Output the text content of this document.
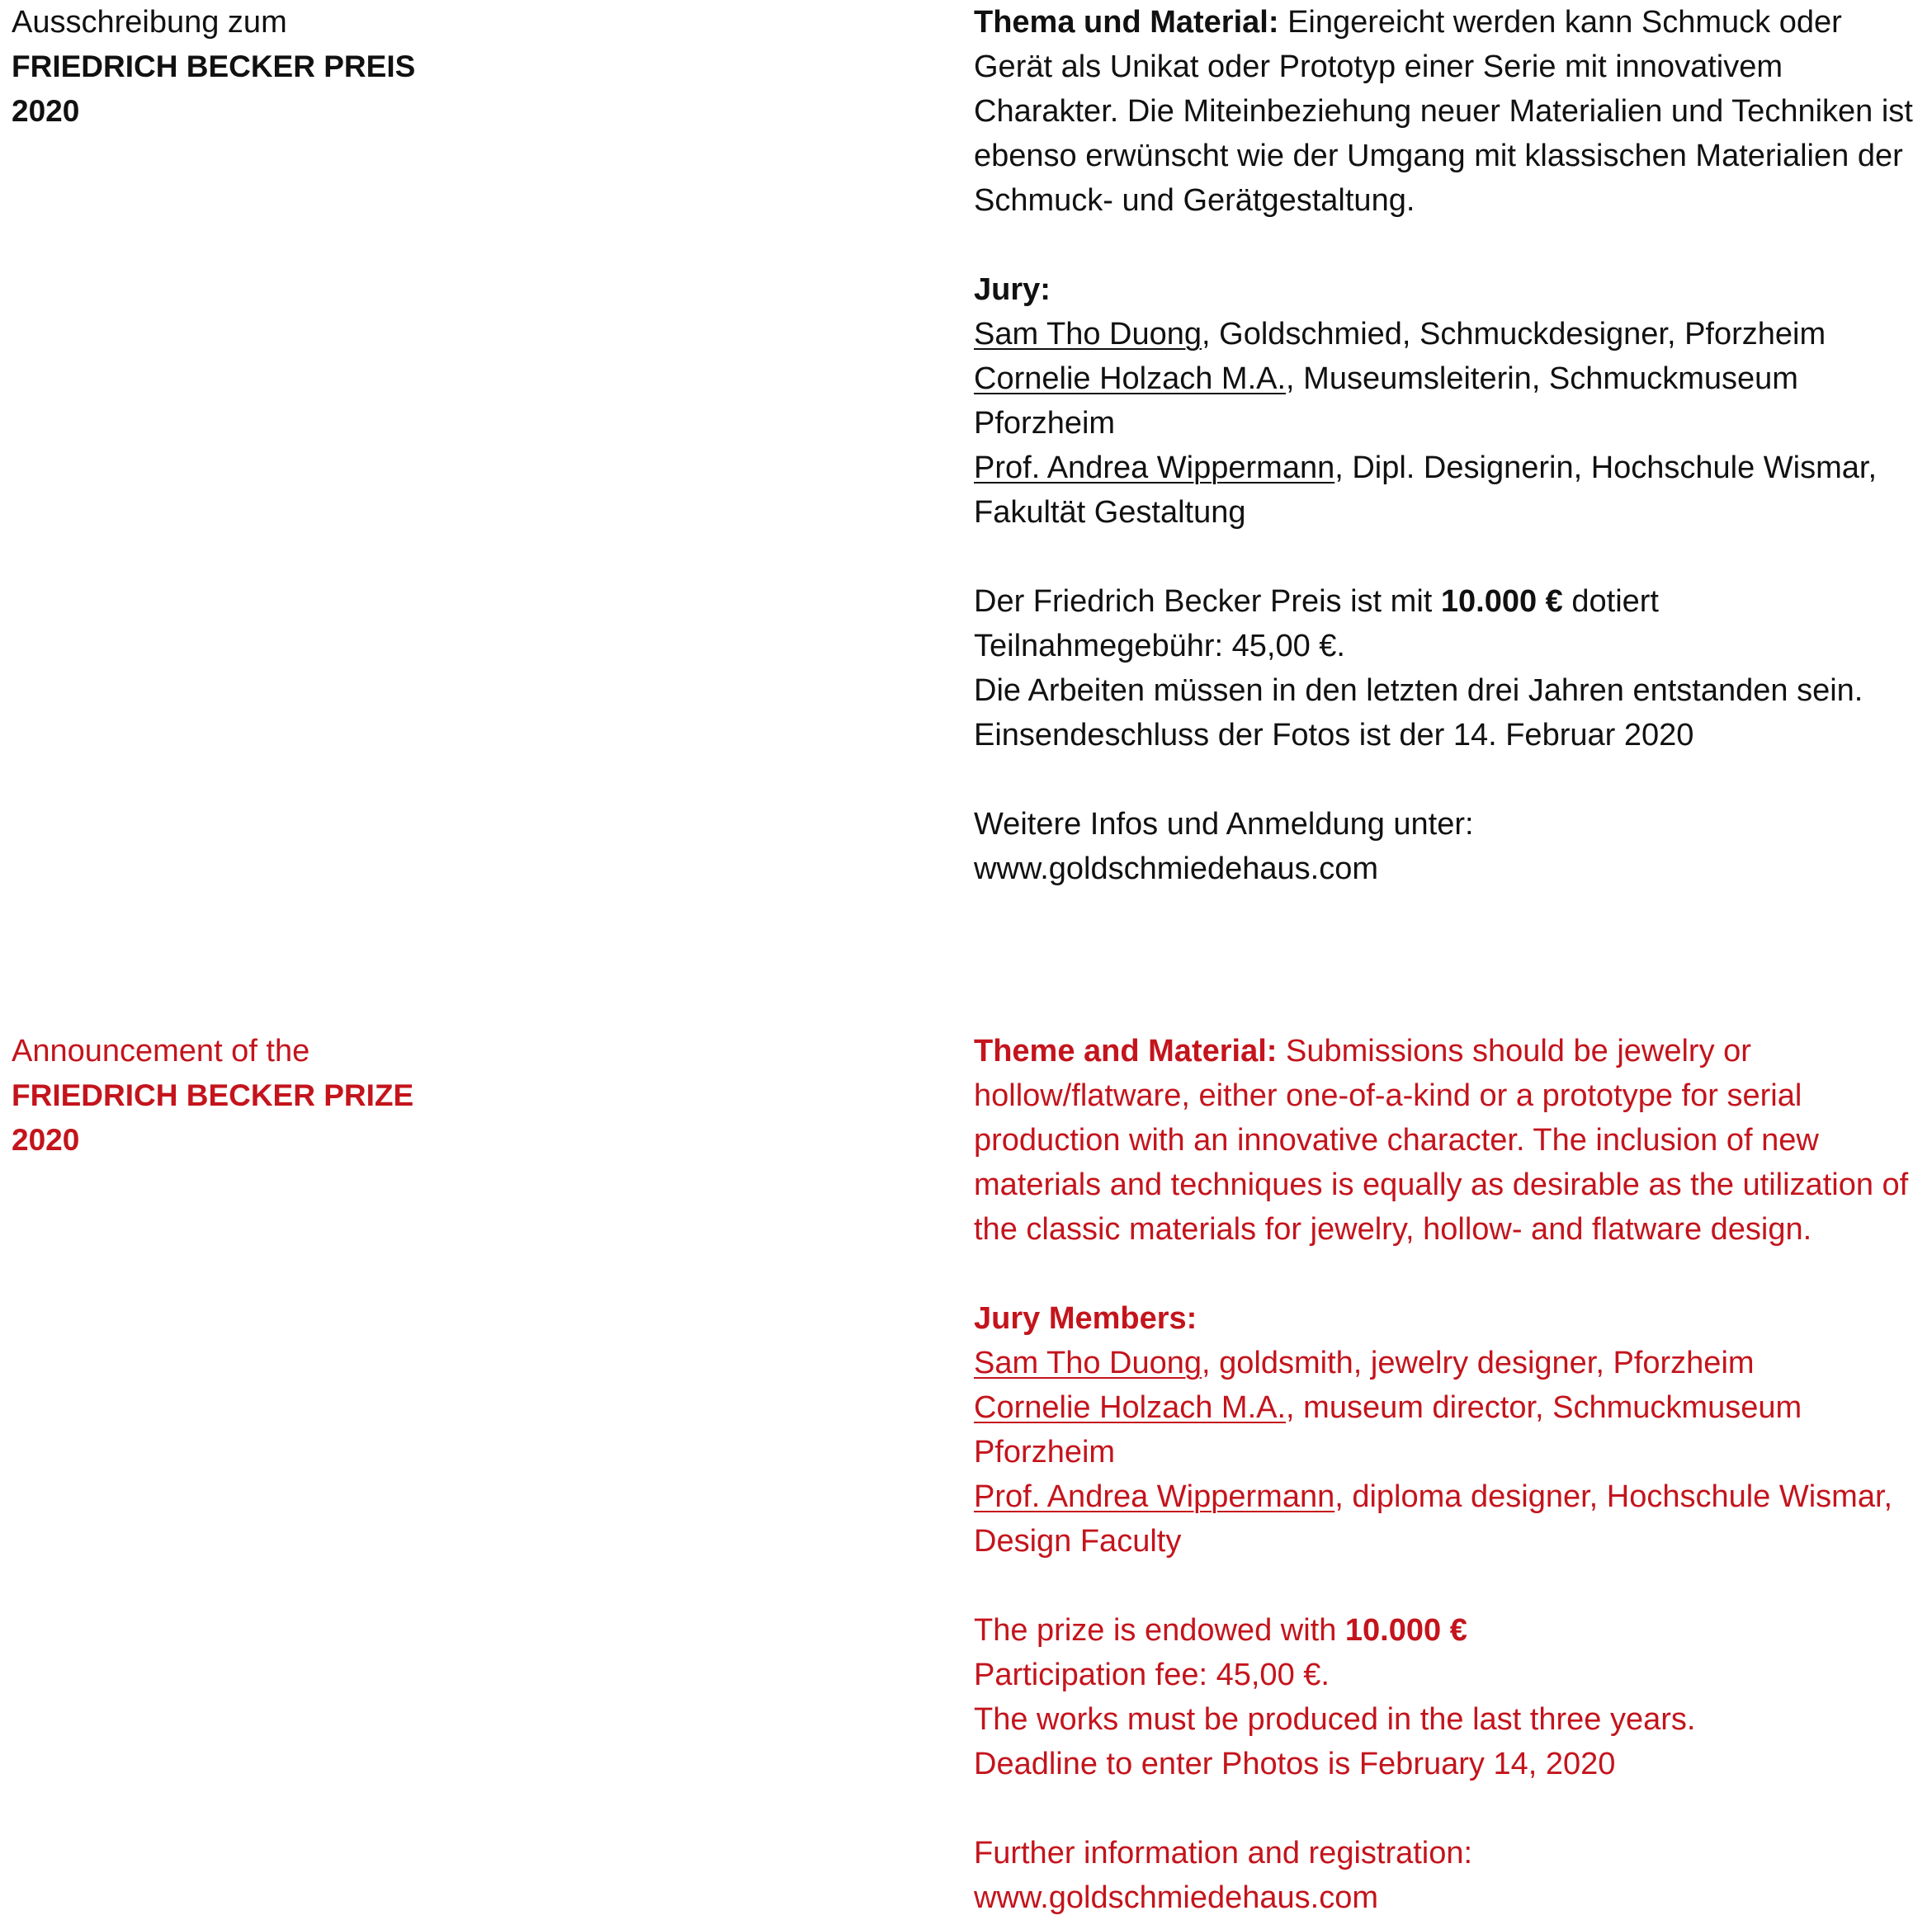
Ausschreibung zum
FRIEDRICH BECKER PREIS
2020
Thema und Material: Eingereicht werden kann Schmuck oder Gerät als Unikat oder Prototyp einer Serie mit innovativem Charakter. Die Miteinbeziehung neuer Materialien und Techniken ist ebenso erwünscht wie der Umgang mit klassischen Materialien der Schmuck- und Gerätgestaltung.
Jury:
Sam Tho Duong, Goldschmied, Schmuckdesigner, Pforzheim
Cornelie Holzach M.A., Museumsleiterin, Schmuckmuseum Pforzheim
Prof. Andrea Wippermann, Dipl. Designerin, Hochschule Wismar, Fakultät Gestaltung
Der Friedrich Becker Preis ist mit 10.000 € dotiert
Teilnahmegebühr: 45,00 €.
Die Arbeiten müssen in den letzten drei Jahren entstanden sein.
Einsendeschluss der Fotos ist der 14. Februar 2020
Weitere Infos und Anmeldung unter:
www.goldschmiedehaus.com
Announcement of the
FRIEDRICH BECKER PRIZE
2020
Theme and Material: Submissions should be jewelry or hollow/flatware, either one-of-a-kind or a prototype for serial production with an innovative character. The inclusion of new materials and techniques is equally as desirable as the utilization of the classic materials for jewelry, hollow- and flatware design.
Jury Members:
Sam Tho Duong, goldsmith, jewelry designer, Pforzheim
Cornelie Holzach M.A., museum director, Schmuckmuseum Pforzheim
Prof. Andrea Wippermann, diploma designer, Hochschule Wismar, Design Faculty
The prize is endowed with 10.000 €
Participation fee: 45,00 €.
The works must be produced in the last three years.
Deadline to enter Photos is February 14, 2020
Further information and registration:
www.goldschmiedehaus.com
